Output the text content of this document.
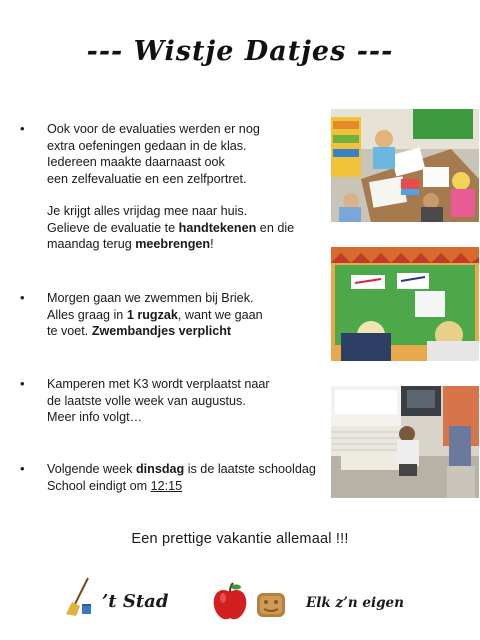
--- Wistje Datjes ---
• Ook voor de evaluaties werden er nog

extra oefeningen gedaan in de klas.

Iedereen maakte daarnaast ook

een zelfevaluatie en een zelfportret.

Je krijgt alles vrijdag mee naar huis.

Gelieve de evaluatie te handtekenen en die

maandag terug meebrengen!

• Morgen gaan we zwemmen bij Briek.

Alles graag in 1 rugzak, want we gaan

te voet. Zwembandjes verplicht

• Kamperen met K3 wordt verplaatst naar

de laatste volle week van augustus.

Meer info volgt…

• Volgende week dinsdag is de laatste schooldag

School eindigt om 12:15

Een prettige vakantie allemaal !!!
’t Stad	Elk z’n eigen
